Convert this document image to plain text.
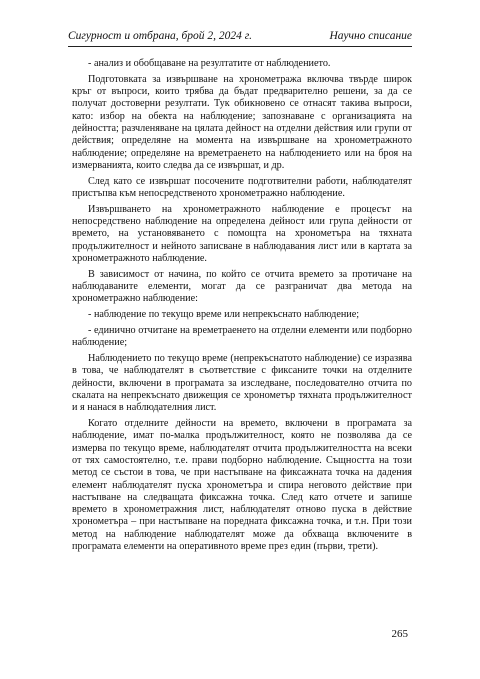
Сигурност и отбрана, брой 2, 2024 г.	Научно списание

- анализ и обобщаване на резултатите от наблюдението.

Подготовката за извършване на хронометража включва твърде широк кръг от въпроси, които трябва да бъдат предварително решени, за да се получат достоверни резултати. Тук обикновено се отнасят такива въпроси, като: избор на обекта на наблюдение; запознаване с организацията на дейността; разчленяване на цялата дейност на отделни действия или групи от действия; определяне на момента на извършване на хронометражното наблюдение; определяне на времетраенето на наблюдението или на броя на измерванията, които следва да се извършат, и др.

След като се извършат посочените подготвителни работи, наблюдателят пристъпва към непосредственото хронометражно наблюдение.

Извършването на хронометражното наблюдение е процесът на непосредствено наблюдение на определена дейност или група дейности от времето, на установяването с помощта на хронометъра на тяхната продължителност и нейното записване в наблюдавания лист или в картата за хронометражното наблюдение.

В зависимост от начина, по който се отчита времето за протичане на наблюдаваните елементи, могат да се разграничат два метода на хронометражно наблюдение:

- наблюдение по текущо време или непрекъснато наблюдение;

- единично отчитане на времетраенето на отделни елементи или подборно наблюдение;

Наблюдението по текущо време (непрекъснатото наблюдение) се изразява в това, че наблюдателят в съответствие с фиксаните точки на отделните дейности, включени в програмата за изследване, последователно отчита по скалата на непрекъснато движещия се хронометър тяхната продължителност и я нанася в наблюдателния лист.

Когато отделните дейности на времето, включени в програмата за наблюдение, имат по-малка продължителност, която не позволява да се измерва по текущо време, наблюдателят отчита продължителността на всеки от тях самостоятелно, т.е. прави подборно наблюдение. Същността на този метод се състои в това, че при настъпване на фиксажната точка на дадения елемент наблюдателят пуска хронометъра и спира неговото действие при настъпване на следващата фиксажна точка. След като отчете и запише времето в хронометражния лист, наблюдателят отново пуска в действие хронометъра – при настъпване на поредната фиксажна точка, и т.н. При този метод на наблюдение наблюдателят може да обхваща включените в програмата елементи на оперативното време през един (първи, трети).

265
